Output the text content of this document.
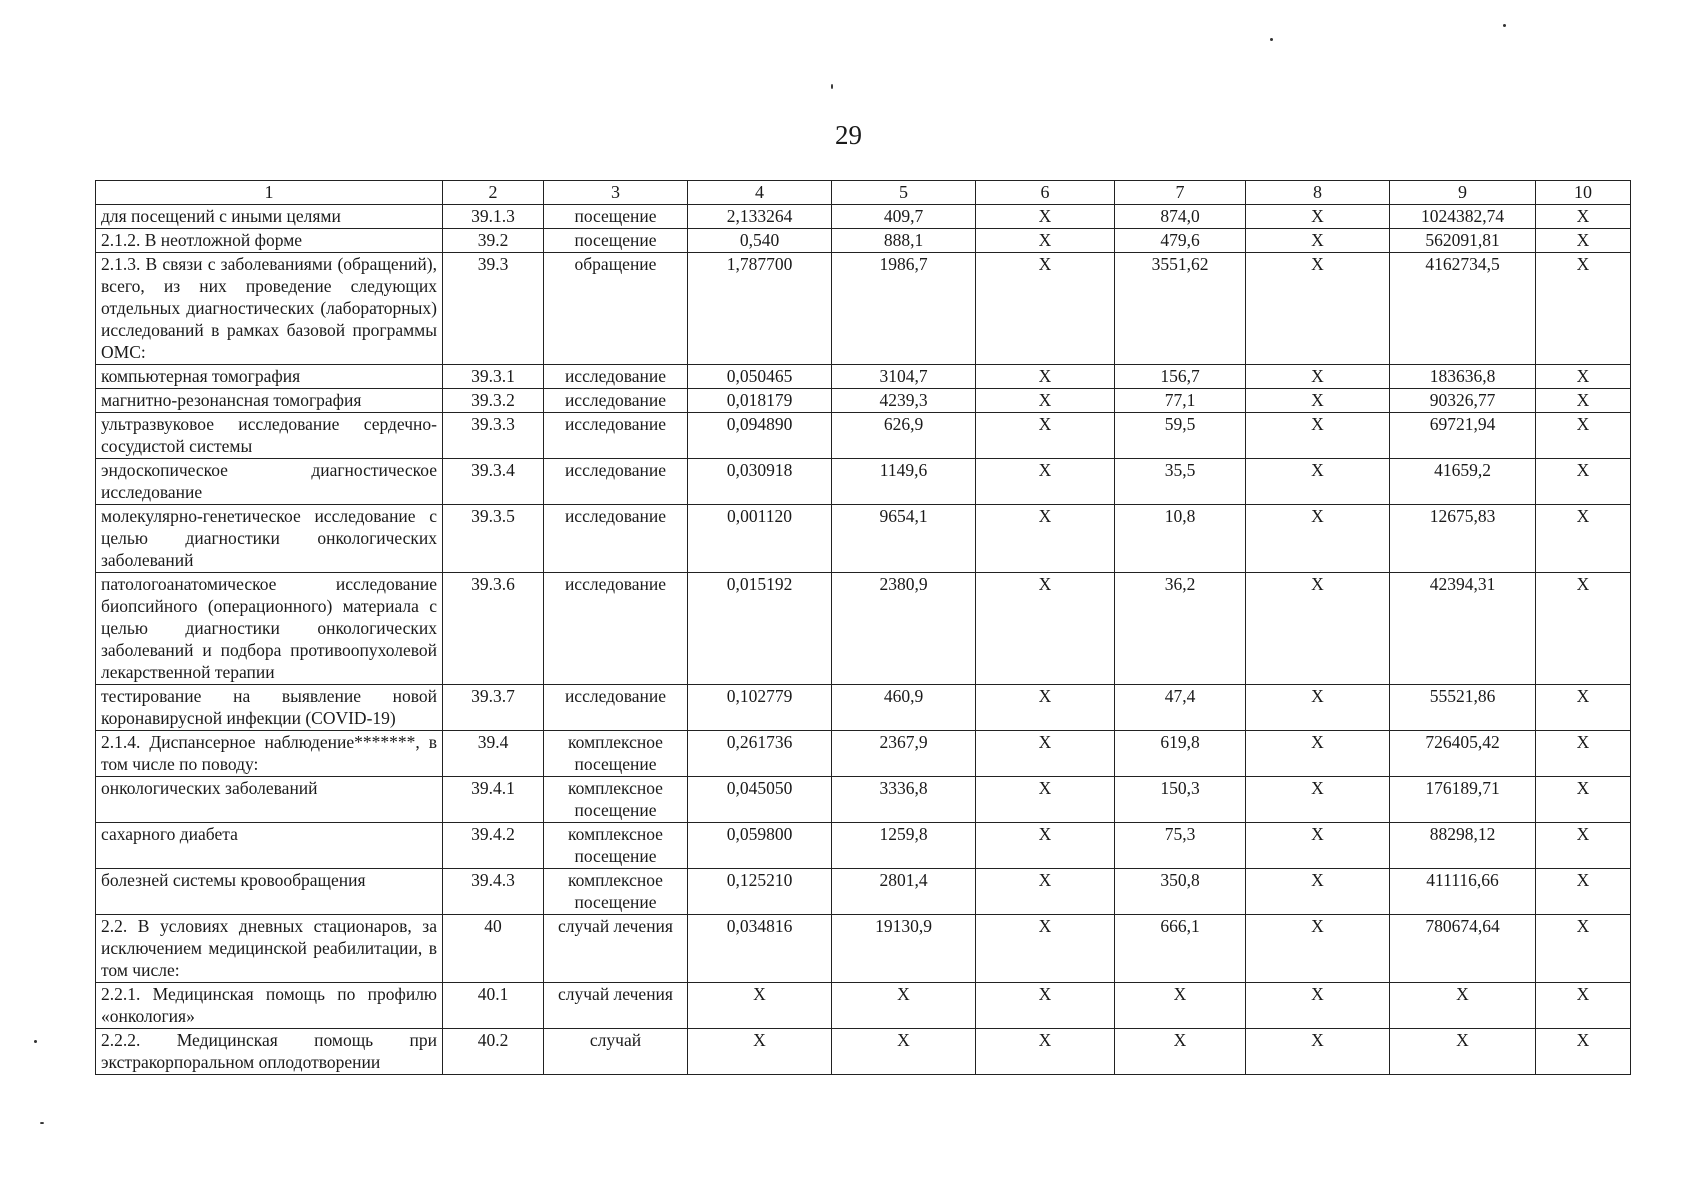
29
1	2	3	4	5	6	7	8	9	10
для посещений с иными целями	39.1.3	посещение	2,133264	409,7	Х	874,0	Х	1024382,74	Х
2.1.2. В неотложной форме	39.2	посещение	0,540	888,1	Х	479,6	Х	562091,81	Х
2.1.3. В связи с заболеваниями (обращений), всего, из них проведение следующих отдельных диагностических (лабораторных) исследований в рамках базовой программы ОМС:	39.3	обращение	1,787700	1986,7	Х	3551,62	Х	4162734,5	Х
компьютерная томография	39.3.1	исследование	0,050465	3104,7	Х	156,7	Х	183636,8	Х
магнитно-резонансная томография	39.3.2	исследование	0,018179	4239,3	Х	77,1	Х	90326,77	Х
ультразвуковое исследование сердечно-сосудистой системы	39.3.3	исследование	0,094890	626,9	Х	59,5	Х	69721,94	Х
эндоскопическое диагностическое исследование	39.3.4	исследование	0,030918	1149,6	Х	35,5	Х	41659,2	Х
молекулярно-генетическое исследование с целью диагностики онкологических заболеваний	39.3.5	исследование	0,001120	9654,1	Х	10,8	Х	12675,83	Х
патологоанатомическое исследование биопсийного (операционного) материала с целью диагностики онкологических заболеваний и подбора противоопухолевой лекарственной терапии	39.3.6	исследование	0,015192	2380,9	Х	36,2	Х	42394,31	Х
тестирование на выявление новой коронавирусной инфекции (COVID-19)	39.3.7	исследование	0,102779	460,9	Х	47,4	Х	55521,86	Х
2.1.4. Диспансерное наблюдение*******, в том числе по поводу:	39.4	комплексное посещение	0,261736	2367,9	Х	619,8	Х	726405,42	Х
онкологических заболеваний	39.4.1	комплексное посещение	0,045050	3336,8	Х	150,3	Х	176189,71	Х
сахарного диабета	39.4.2	комплексное посещение	0,059800	1259,8	Х	75,3	Х	88298,12	Х
болезней системы кровообращения	39.4.3	комплексное посещение	0,125210	2801,4	Х	350,8	Х	411116,66	Х
2.2. В условиях дневных стационаров, за исключением медицинской реабилитации, в том числе:	40	случай лечения	0,034816	19130,9	Х	666,1	Х	780674,64	Х
2.2.1. Медицинская помощь по профилю «онкология»	40.1	случай лечения	Х	Х	Х	Х	Х	Х	Х
2.2.2. Медицинская помощь при экстракорпоральном оплодотворении	40.2	случай	Х	Х	Х	Х	Х	Х	Х
